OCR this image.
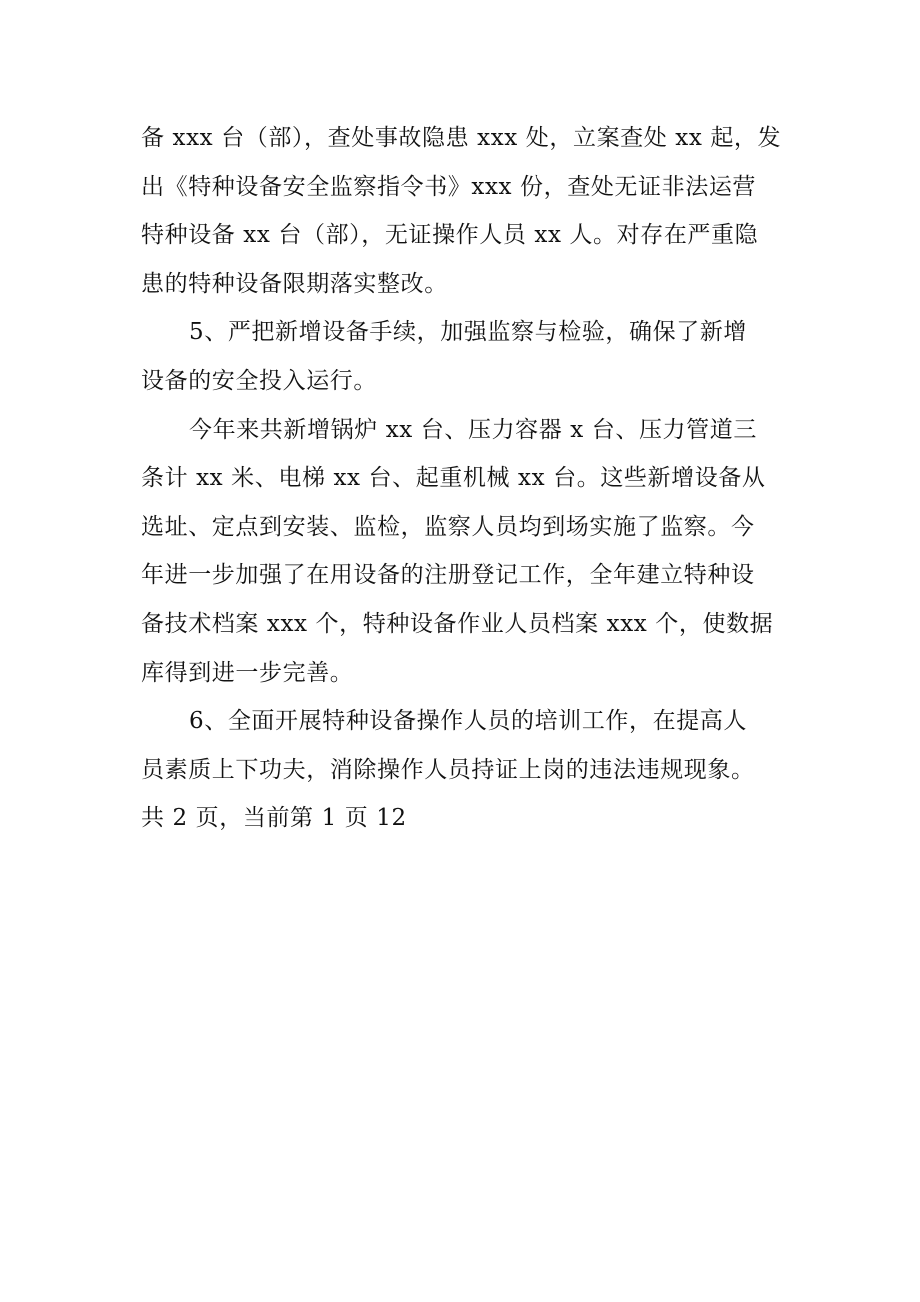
备 xxx 台（部），查处事故隐患 xxx 处，立案查处 xx 起，发
出《特种设备安全监察指令书》xxx 份，查处无证非法运营
特种设备 xx 台（部），无证操作人员 xx 人。对存在严重隐
患的特种设备限期落实整改。
5、严把新增设备手续，加强监察与检验，确保了新增
设备的安全投入运行。
今年来共新增锅炉 xx 台、压力容器 x 台、压力管道三
条计 xx 米、电梯 xx 台、起重机械 xx 台。这些新增设备从
选址、定点到安装、监检，监察人员均到场实施了监察。今
年进一步加强了在用设备的注册登记工作，全年建立特种设
备技术档案 xxx 个，特种设备作业人员档案 xxx 个，使数据
库得到进一步完善。
6、全面开展特种设备操作人员的培训工作，在提高人
员素质上下功夫，消除操作人员持证上岗的违法违规现象。
共 2 页，当前第 1 页 12
